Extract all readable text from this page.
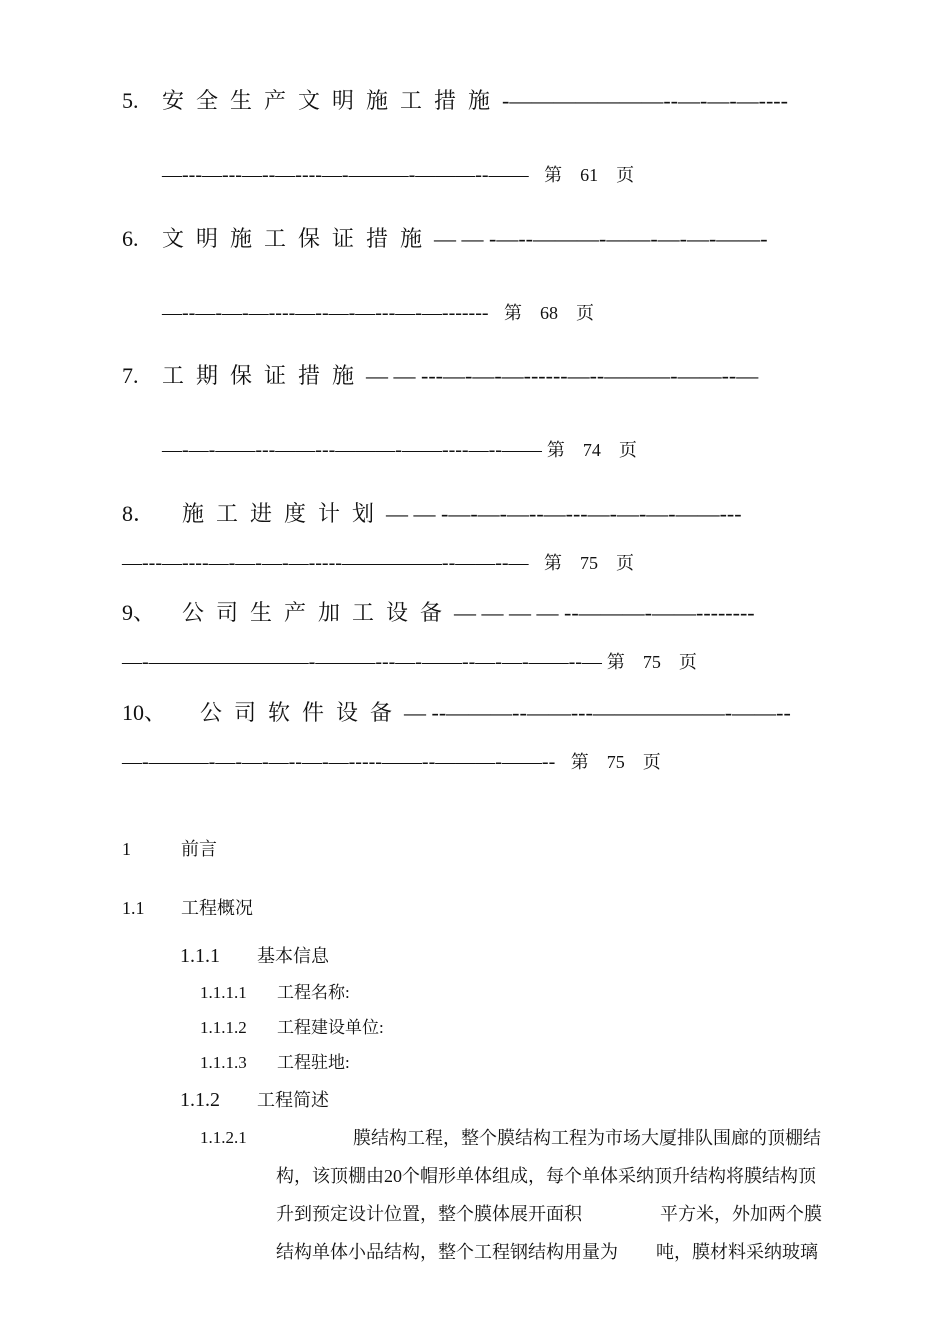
5. 安全生产文明施工措施-———————--—-—-—----
—---—---—--—----—-———-———--—— 第 61 页
6. 文明施工保证措施— — -—--———-——-—-—-——-
—--—-—-—----—--—-—---—-—------- 第 68 页
7. 工期保证措施— — ---—-—-—------—--———-——--—
—-—-——---——---———-——----—--—— 第 74 页
8． 施工进度计划— — -—-—-—--—---—-—-—-——---
—---—----—-—-—-—-----—————--——--— 第 75 页
9、 公司生产加工设备— — — — --———-——--------
—-————————-———---—-——--—-—-——--— 第 75 页
10、 公司软件设备— --———--——---——————-——--
—-———-—-—-—--—-—-----——--———-——-- 第 75 页
1	前言
1.1 工程概况
1.1.1 基本信息
1.1.1.1 工程名称:
1.1.1.2 工程建设单位:
1.1.1.3 工程驻地:
1.1.2 工程简述
1.1.2.1	膜结构工程，整个膜结构工程为市场大厦排队围廊的顶棚结
构，该顶棚由20个帽形单体组成，每个单体采纳顶升结构将膜结构顶
升到预定设计位置，整个膜体展开面积	平方米，外加两个膜
结构单体小品结构，整个工程钢结构用量为 吨，膜材料采纳玻璃
